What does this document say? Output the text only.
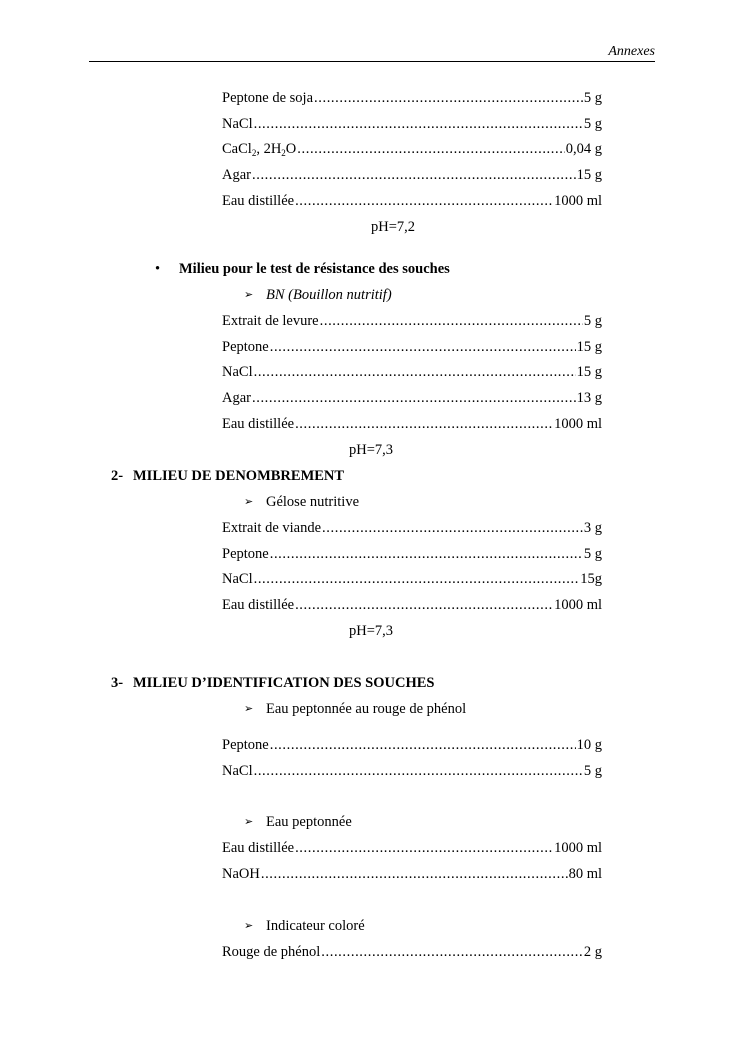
Annexes
Peptone de soja .....	5 g
NaCl .....	5 g
CaCl$_2$, $2H_2O$ .....	0,04 g
Agar .....	15 g
Eau distillée .....	1000 ml
pH=7,2
• Milieu pour le test de résistance des souches
➢ BN (Bouillon nutritif)
Extrait de levure .....	5 g
Peptone .....	15 g
NaCl .....	15 g
Agar .....	13 g
Eau distillée .....	1000 ml
pH=7,3
2- MILIEU DE DENOMBREMENT
➢ Gélose nutritive
Extrait de viande .....	3 g
Peptone .....	5 g
NaCl .....	15g
Eau distillée .....	1000 ml
pH=7,3
3- MILIEU D’IDENTIFICATION DES SOUCHES
➢ Eau peptonnée au rouge de phénol
Peptone .....	10 g
NaCl .....	5 g
➢ Eau peptonnée
Eau distillée .....	1000 ml
NaOH .....	80 ml
➢ Indicateur coloré
Rouge de phénol .....	2 g
